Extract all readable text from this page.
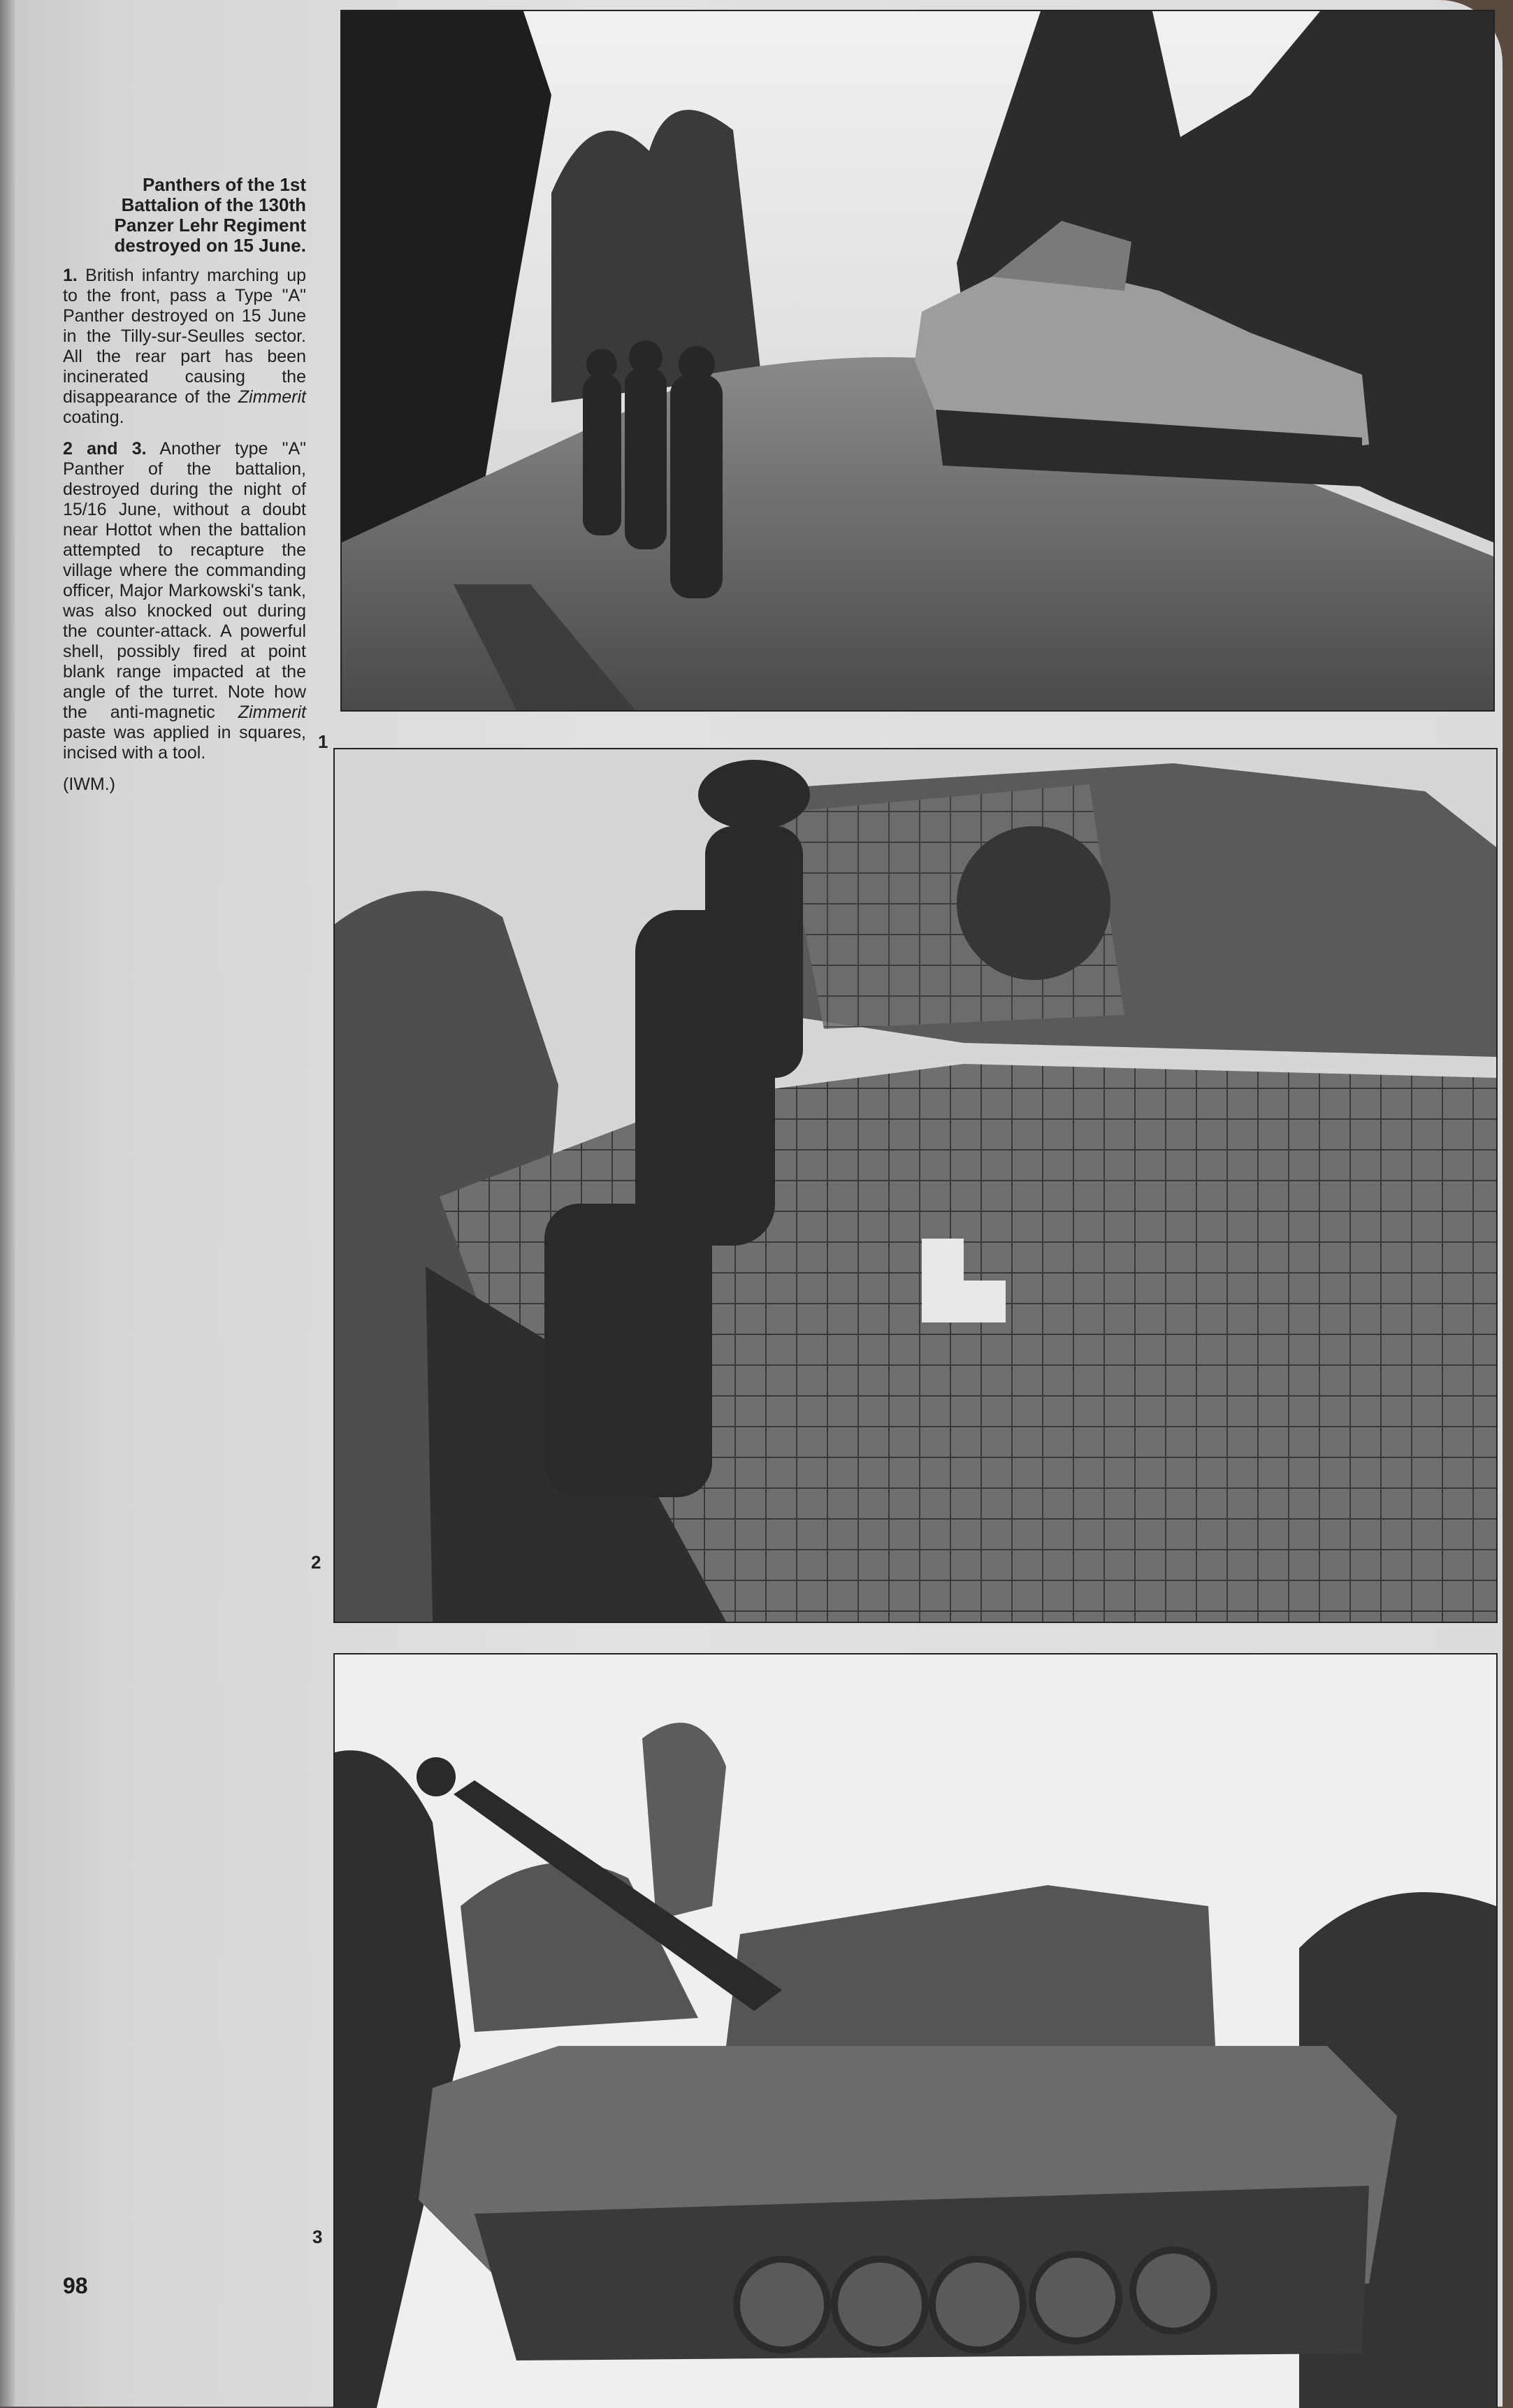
Panthers of the 1st Battalion of the 130th Panzer Lehr Regiment destroyed on 15 June.

1. British infantry marching up to the front, pass a Type "A" Panther destroyed on 15 June in the Tilly-sur-Seulles sector. All the rear part has been incinerated causing the disappearance of the Zimmerit coating.

2 and 3. Another type "A" Panther of the battalion, destroyed during the night of 15/16 June, without a doubt near Hottot when the battalion attempted to recapture the village where the commanding officer, Major Markowski's tank, was also knocked out during the counter-attack. A powerful shell, possibly fired at point blank range impacted at the angle of the turret. Note how the anti-magnetic Zimmerit paste was applied in squares, incised with a tool.

(IWM.)

1
2
3
98
